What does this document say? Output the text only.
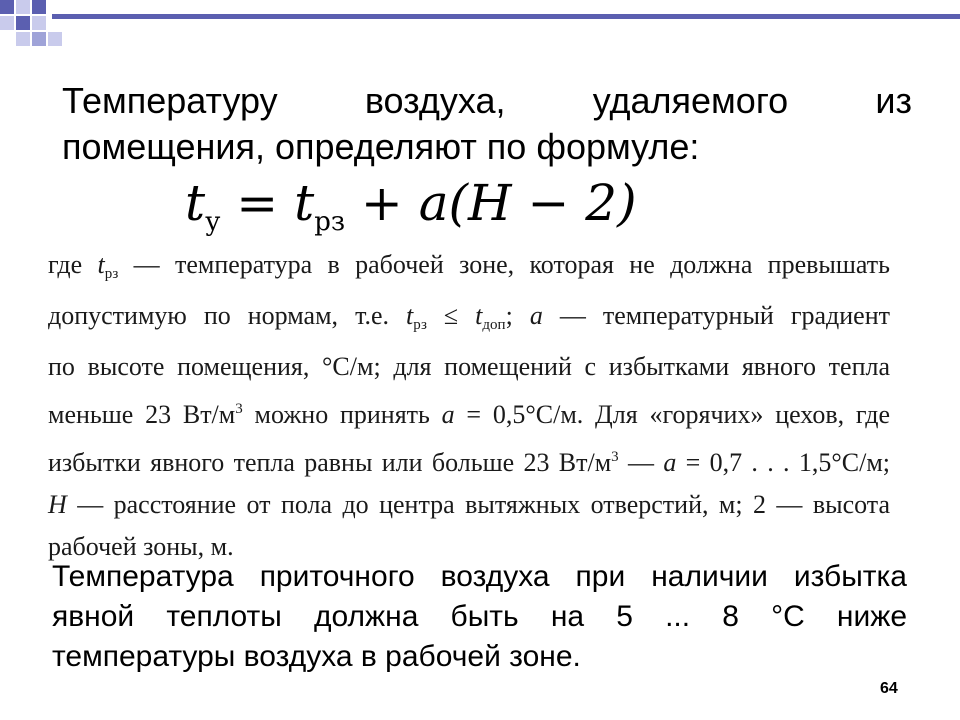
Температуру воздуха, удаляемого из
помещения, определяют по формуле:
$t_у = t_{рз} + a(H - 2)$
где $t_{рз}$ — температура в рабочей зоне, которая не должна превышать
допустимую по нормам, т.е. $t_{рз} \le t_{доп}$; a — температурный градиент
по высоте помещения, °С/м; для помещений с избытками явного тепла
меньше 23 $Вт/м^3$ можно принять a = 0,5°С/м. Для «горячих» цехов, где
избытки явного тепла равны или больше 23 $Вт/м^3$ — a = 0,7 . . . 1,5°С/м;
H — расстояние от пола до центра вытяжных отверстий, м; 2 — высота
рабочей зоны, м.
Температура приточного воздуха при наличии избытка
явной теплоты должна быть на 5 ... 8 °С ниже
температуры воздуха в рабочей зоне.
64
